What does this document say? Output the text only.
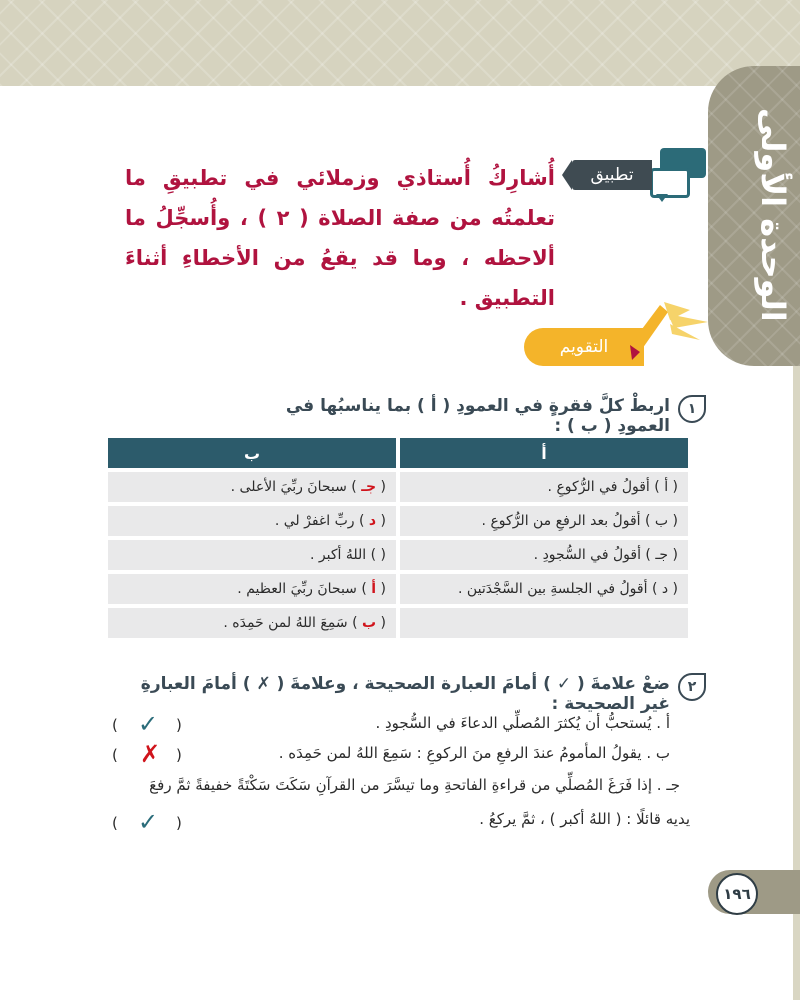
الوحدة الأولى
تطبيق
أُشارِكُ أُستاذي وزملائي في تطبيقِ ما تعلمتُه من صفة الصلاة ( ٢ ) ، وأُسجِّلُ ما ألاحظه ، وما قد يقعُ من الأخطاءِ أثناءَ التطبيق .
التقويم
١
اربطْ كلَّ فقرةٍ في العمودِ ( أ ) بما يناسبُها في العمودِ ( ب ) :
أ		ب
( أ ) أقولُ في الرُّكوعِ .		( جـ ) سبحانَ ربِّيَ الأعلى .
( ب ) أقولُ بعد الرفعِ من الرُّكوعِ .		( د ) ربِّ اغفرْ لي .
( جـ ) أقولُ في السُّجودِ .		( ) اللهُ أكبر .
( د ) أقولُ في الجلسةِ بين السَّجْدَتين .		( أ ) سبحانَ ربِّيَ العظيم .
		( ب ) سَمِعَ اللهُ لمن حَمِدَه .
٢
ضعْ علامةَ ( ✓ ) أمامَ العبارة الصحيحة ، وعلامةَ ( ✗ ) أمامَ العبارةِ غير الصحيحة :
أ . يُستحبُّ أن يُكثرَ المُصلِّي الدعاءَ في السُّجودِ .
(	)
✓
ب . يقولُ المأمومُ عندَ الرفعِ منَ الركوعِ : سَمِعَ اللهُ لمن حَمِدَه .
(	)
✗
جـ . إذا فَرَغَ المُصلِّي من قراءةِ الفاتحةِ وما تيسَّرَ من القرآنِ سَكَتَ سَكْتَةً خفيفةً ثمَّ رفعَ
يديه قائلًا : ( اللهُ أكبر ) ، ثمَّ يركعُ .
(	)
✓
١٩٦
